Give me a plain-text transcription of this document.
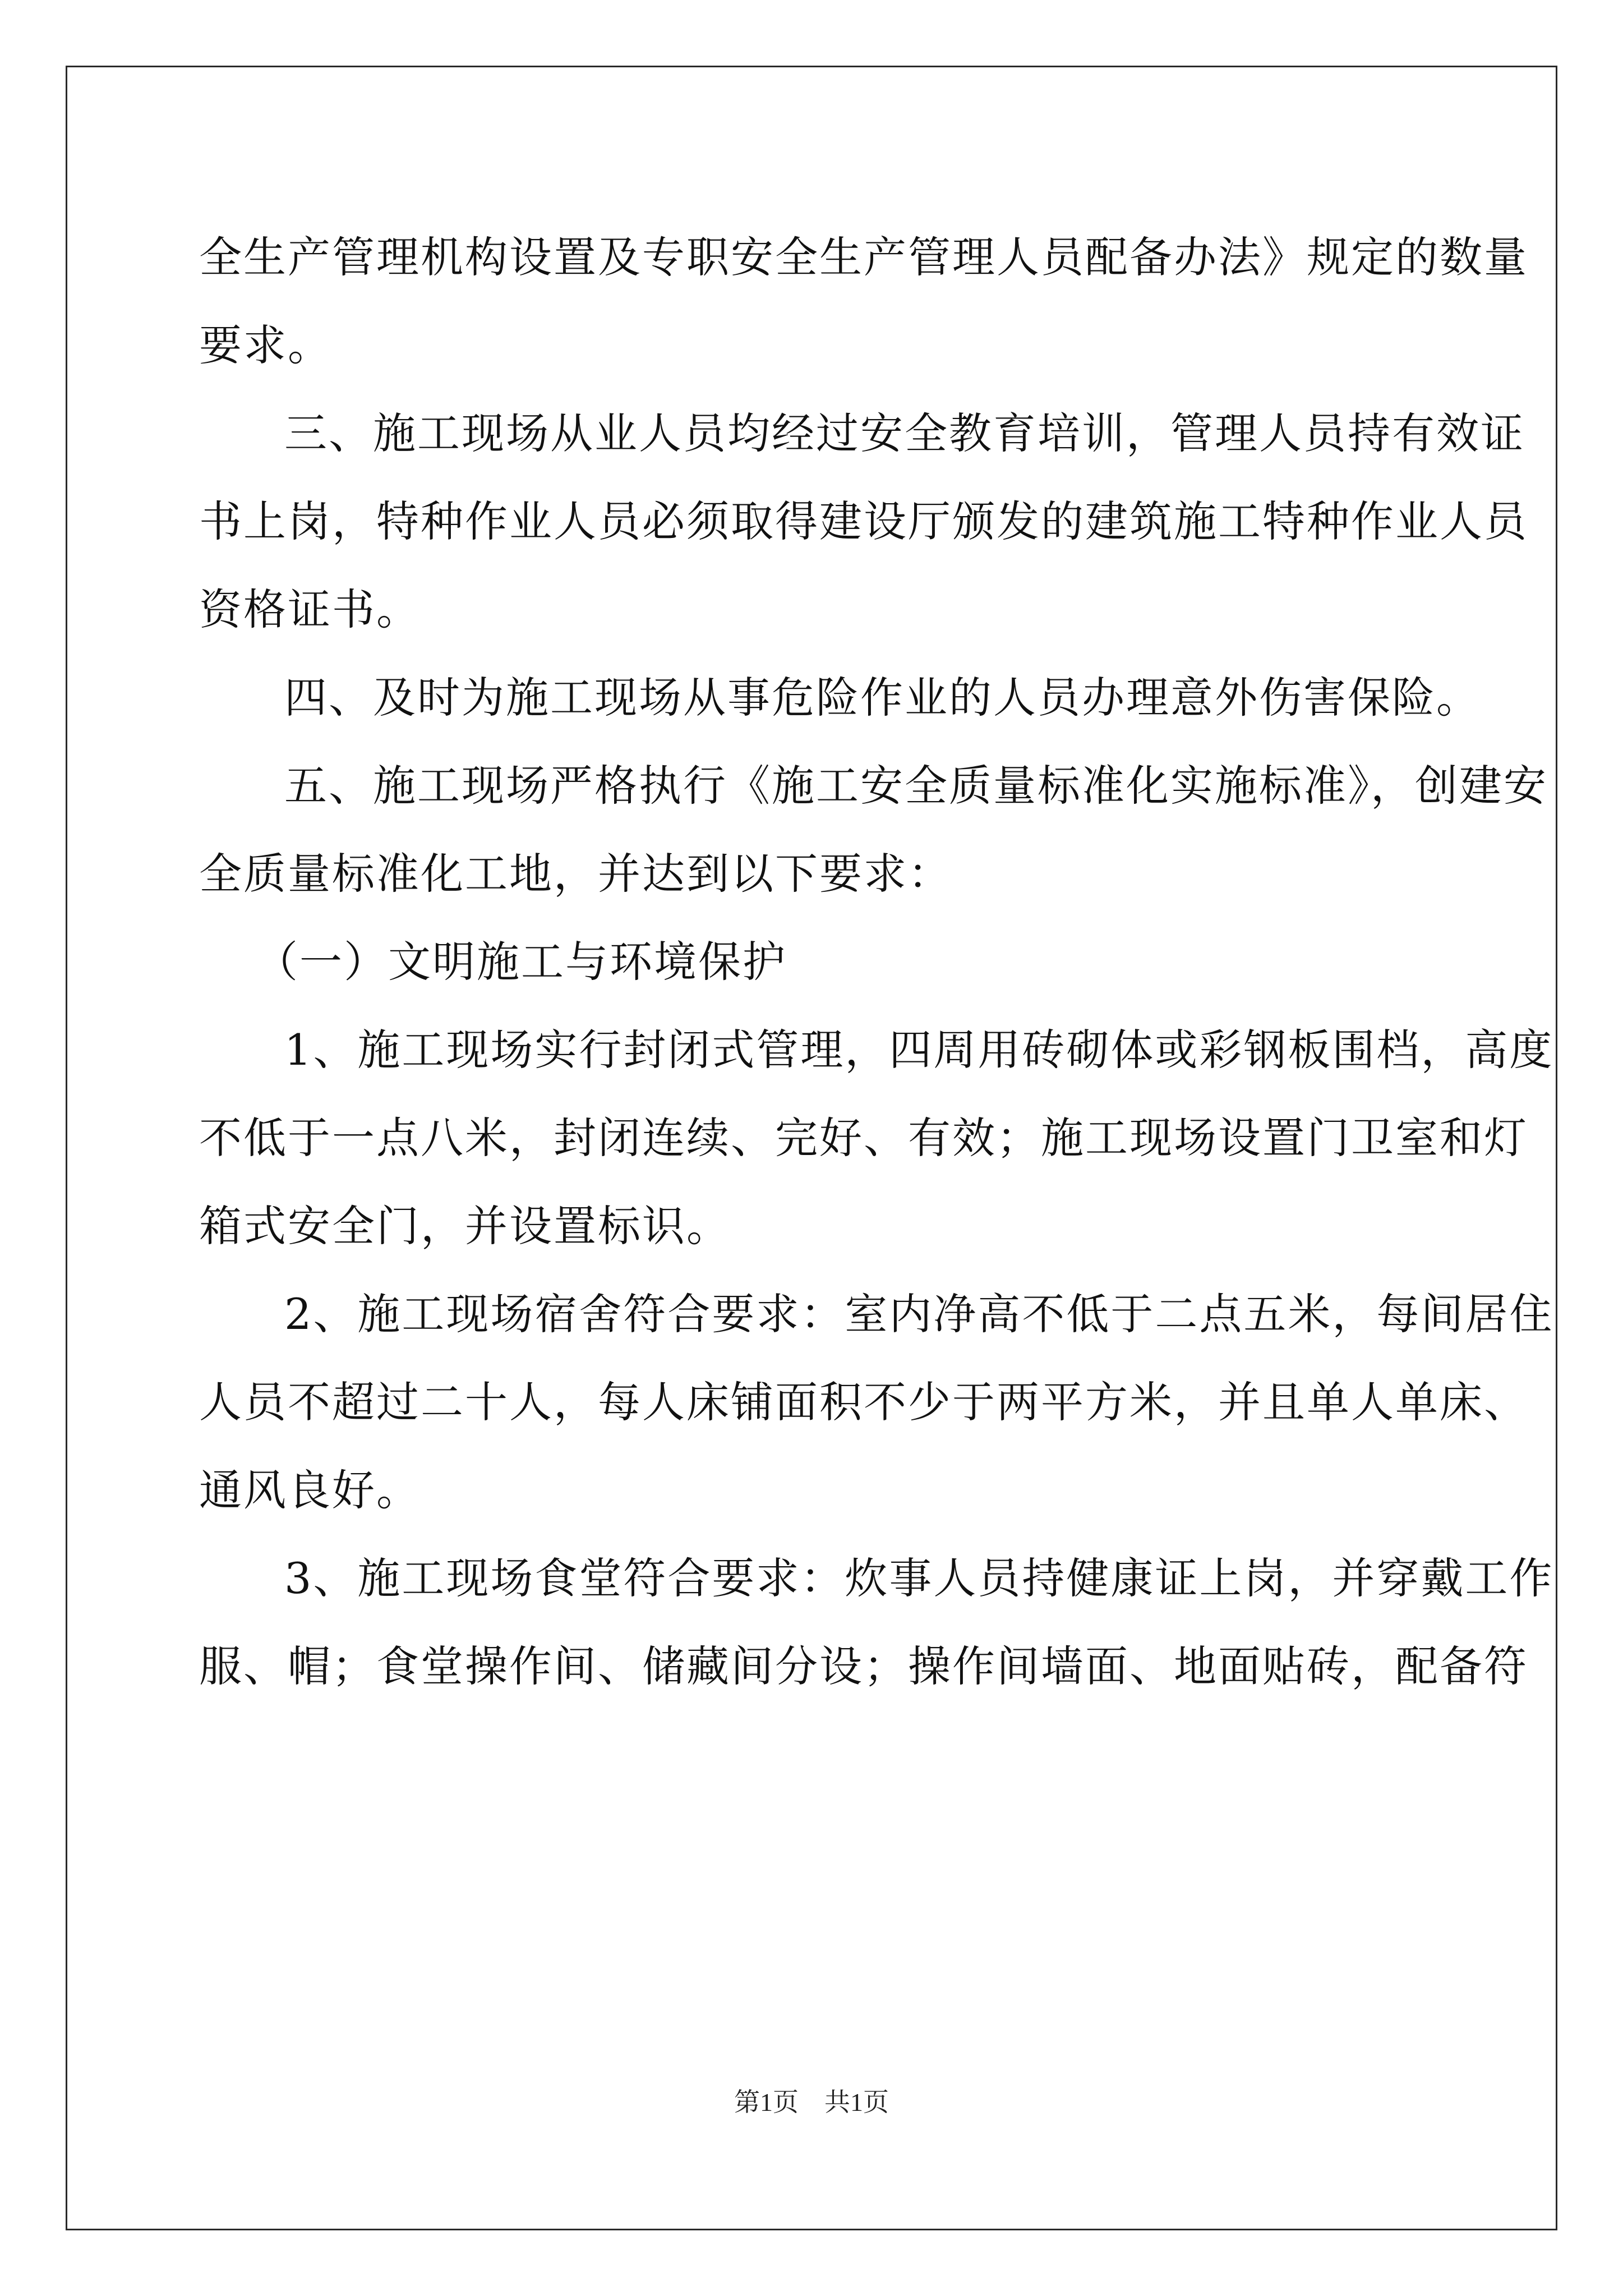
全生产管理机构设置及专职安全生产管理人员配备办法》规定的数量
要求。
三、施工现场从业人员均经过安全教育培训，管理人员持有效证
书上岗，特种作业人员必须取得建设厅颁发的建筑施工特种作业人员
资格证书。
四、及时为施工现场从事危险作业的人员办理意外伤害保险。
五、施工现场严格执行《施工安全质量标准化实施标准》，创建安
全质量标准化工地，并达到以下要求：
（一）文明施工与环境保护
1、施工现场实行封闭式管理，四周用砖砌体或彩钢板围档，高度
不低于一点八米，封闭连续、完好、有效；施工现场设置门卫室和灯
箱式安全门，并设置标识。
2、施工现场宿舍符合要求：室内净高不低于二点五米，每间居住
人员不超过二十人，每人床铺面积不少于两平方米，并且单人单床、
通风良好。
3、施工现场食堂符合要求：炊事人员持健康证上岗，并穿戴工作
服、帽；食堂操作间、储藏间分设；操作间墙面、地面贴砖，配备符
第1页　共1页
